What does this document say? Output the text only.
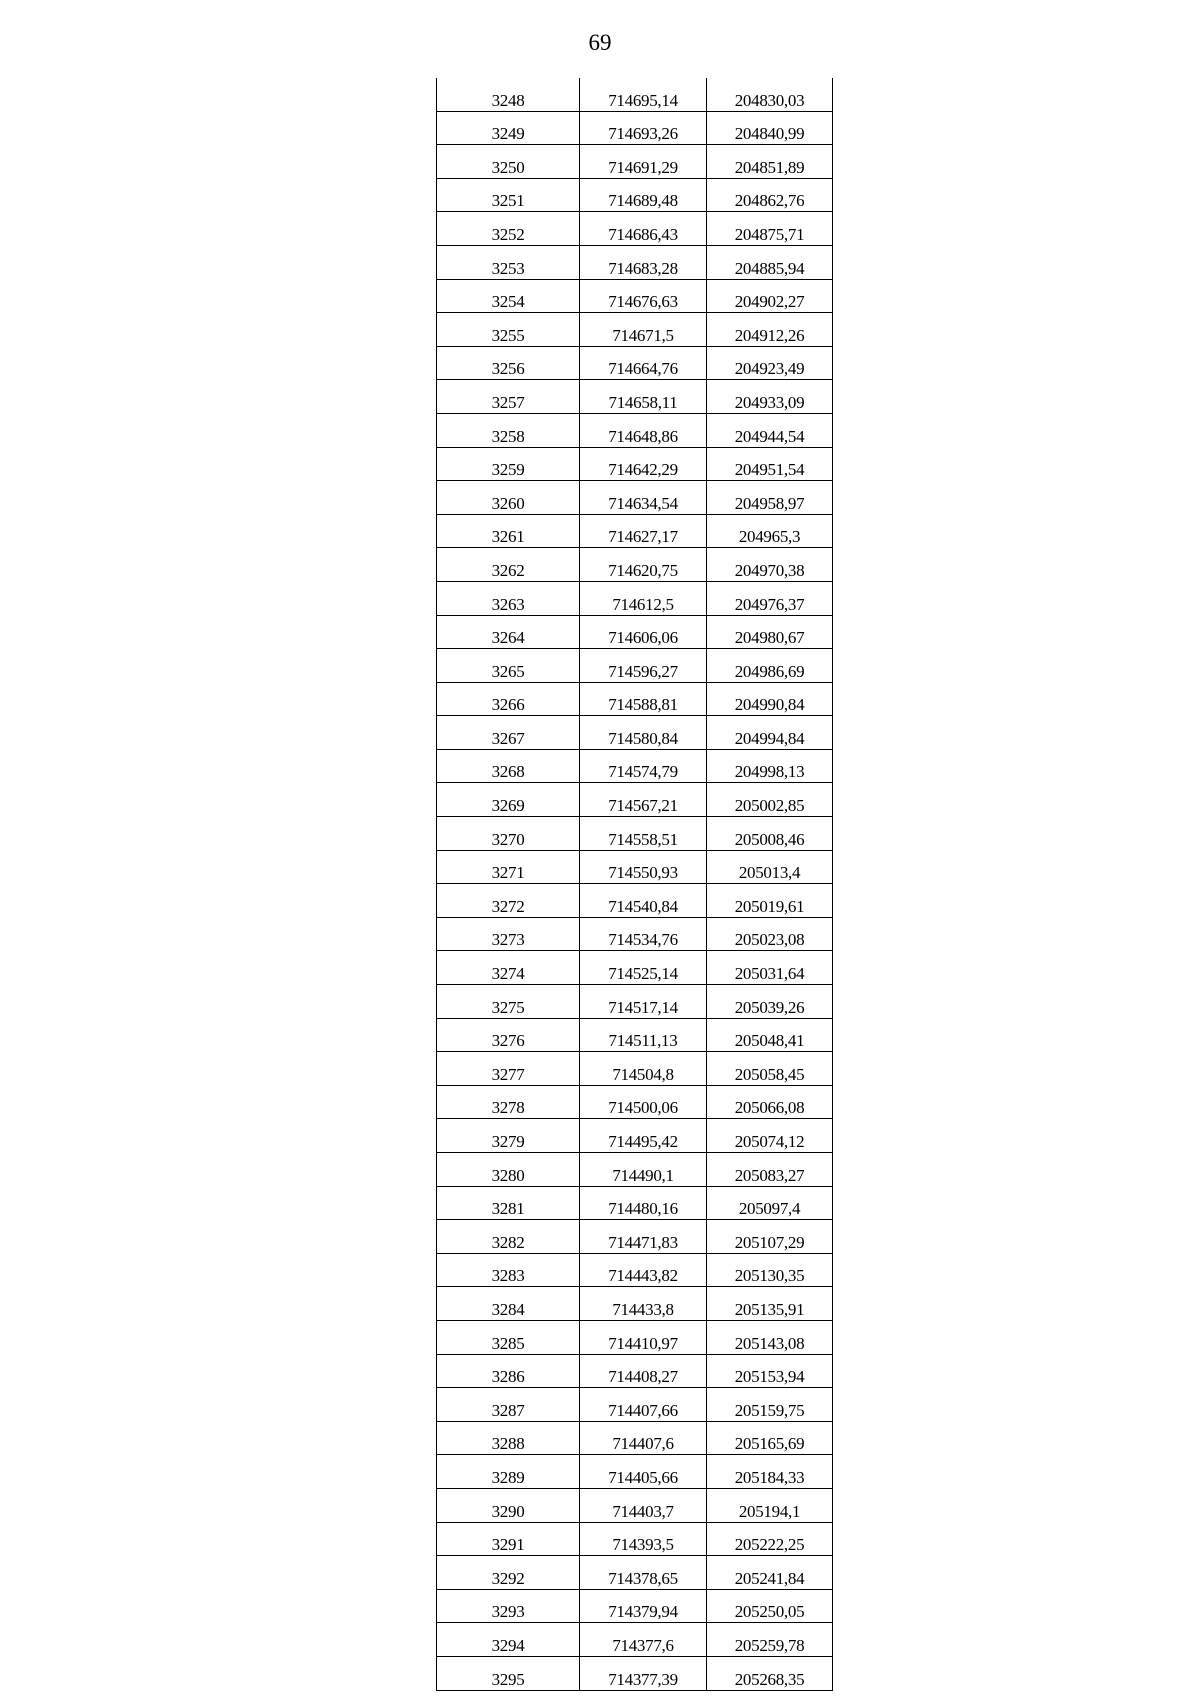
69
3248	714695,14	204830,03
3249	714693,26	204840,99
3250	714691,29	204851,89
3251	714689,48	204862,76
3252	714686,43	204875,71
3253	714683,28	204885,94
3254	714676,63	204902,27
3255	714671,5	204912,26
3256	714664,76	204923,49
3257	714658,11	204933,09
3258	714648,86	204944,54
3259	714642,29	204951,54
3260	714634,54	204958,97
3261	714627,17	204965,3
3262	714620,75	204970,38
3263	714612,5	204976,37
3264	714606,06	204980,67
3265	714596,27	204986,69
3266	714588,81	204990,84
3267	714580,84	204994,84
3268	714574,79	204998,13
3269	714567,21	205002,85
3270	714558,51	205008,46
3271	714550,93	205013,4
3272	714540,84	205019,61
3273	714534,76	205023,08
3274	714525,14	205031,64
3275	714517,14	205039,26
3276	714511,13	205048,41
3277	714504,8	205058,45
3278	714500,06	205066,08
3279	714495,42	205074,12
3280	714490,1	205083,27
3281	714480,16	205097,4
3282	714471,83	205107,29
3283	714443,82	205130,35
3284	714433,8	205135,91
3285	714410,97	205143,08
3286	714408,27	205153,94
3287	714407,66	205159,75
3288	714407,6	205165,69
3289	714405,66	205184,33
3290	714403,7	205194,1
3291	714393,5	205222,25
3292	714378,65	205241,84
3293	714379,94	205250,05
3294	714377,6	205259,78
3295	714377,39	205268,35
